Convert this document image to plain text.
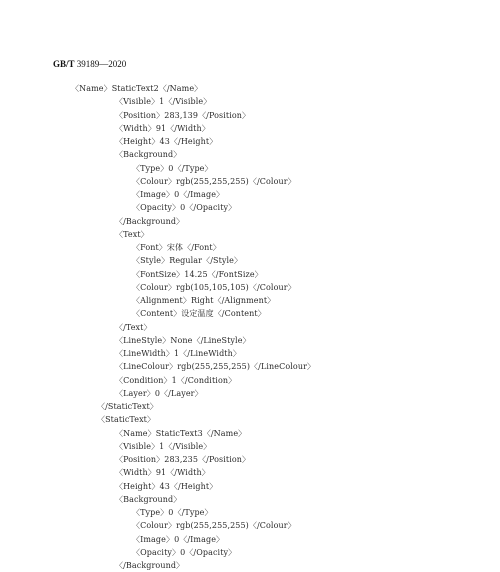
GB/T 39189—2020
〈Name〉StaticText2〈/Name〉
〈Visible〉1〈/Visible〉
〈Position〉283,139〈/Position〉
〈Width〉91〈/Width〉
〈Height〉43〈/Height〉
〈Background〉
〈Type〉0〈/Type〉
〈Colour〉rgb(255,255,255)〈/Colour〉
〈Image〉0〈/Image〉
〈Opacity〉0〈/Opacity〉
〈/Background〉
〈Text〉
〈Font〉宋体〈/Font〉
〈Style〉Regular〈/Style〉
〈FontSize〉14.25〈/FontSize〉
〈Colour〉rgb(105,105,105)〈/Colour〉
〈Alignment〉Right〈/Alignment〉
〈Content〉设定温度〈/Content〉
〈/Text〉
〈LineStyle〉None〈/LineStyle〉
〈LineWidth〉1〈/LineWidth〉
〈LineColour〉rgb(255,255,255)〈/LineColour〉
〈Condition〉1〈/Condition〉
〈Layer〉0〈/Layer〉
〈/StaticText〉
〈StaticText〉
〈Name〉StaticText3〈/Name〉
〈Visible〉1〈/Visible〉
〈Position〉283,235〈/Position〉
〈Width〉91〈/Width〉
〈Height〉43〈/Height〉
〈Background〉
〈Type〉0〈/Type〉
〈Colour〉rgb(255,255,255)〈/Colour〉
〈Image〉0〈/Image〉
〈Opacity〉0〈/Opacity〉
〈/Background〉
